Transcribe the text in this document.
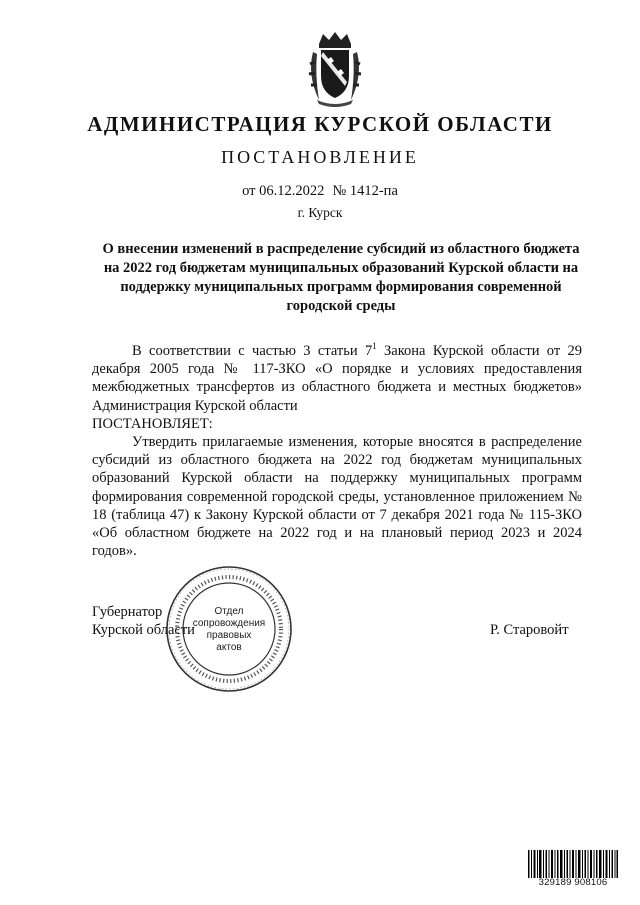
АДМИНИСТРАЦИЯ КУРСКОЙ ОБЛАСТИ
ПОСТАНОВЛЕНИЕ
от 06.12.2022 № 1412-па
г. Курск
О внесении изменений в распределение субсидий из областного бюджета на 2022 год бюджетам муниципальных образований Курской области на поддержку муниципальных программ формирования современной городской среды

В соответствии с частью 3 статьи $7^1$ Закона Курской области от 29 декабря 2005 года № 117-ЗКО «О порядке и условиях предоставления межбюджетных трансфертов из областного бюджета и местных бюджетов» Администрация Курской области

ПОСТАНОВЛЯЕТ:

Утвердить прилагаемые изменения, которые вносятся в распределение субсидий из областного бюджета на 2022 год бюджетам муниципальных образований Курской области на поддержку муниципальных программ формирования современной городской среды, установленное приложением № 18 (таблица 47) к Закону Курской области от 7 декабря 2021 года № 115-ЗКО «Об областном бюджете на 2022 год и на плановый период 2023 и 2024 годов».

Губернатор
Курской области	Р. Старовойт
Отдел
сопровождения
правовых
актов
329189 908106
